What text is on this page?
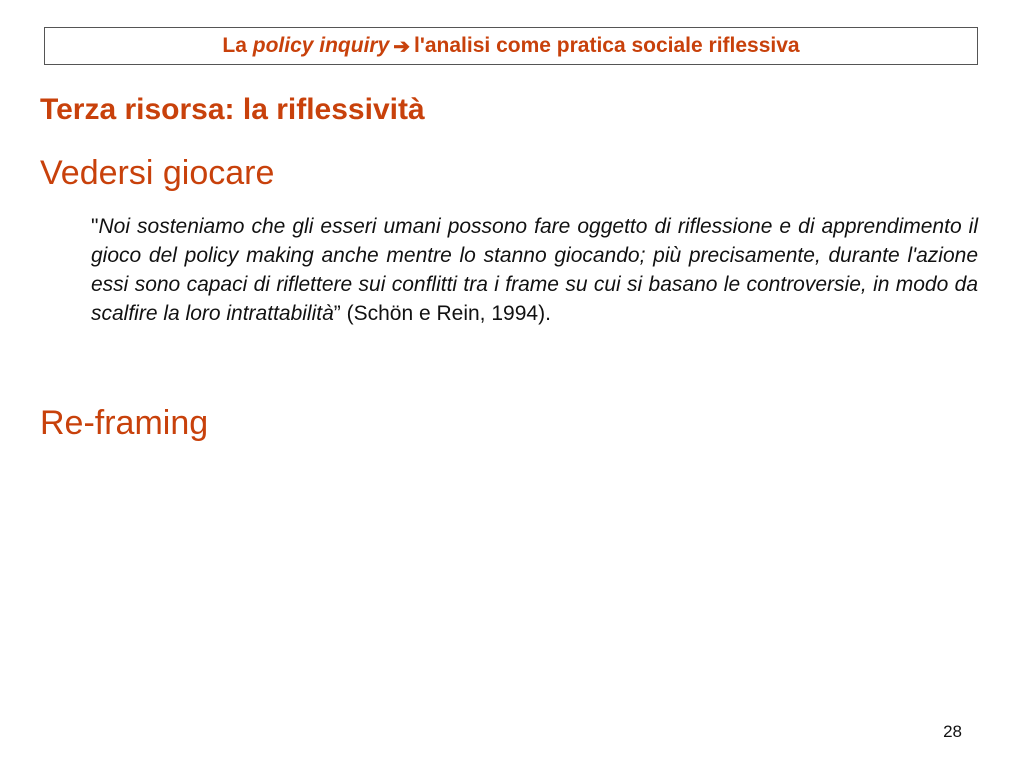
La policy inquiry ➔ l'analisi come pratica sociale riflessiva
Terza risorsa: la riflessività
Vedersi giocare

"Noi sosteniamo che gli esseri umani possono fare oggetto di riflessione e di apprendimento il gioco del policy making anche mentre lo stanno giocando; più precisamente, durante l'azione essi sono capaci di riflettere sui conflitti tra i frame su cui si basano le controversie, in modo da scalfire la loro intrattabilità” (Schön e Rein, 1994).

Re-framing
28
